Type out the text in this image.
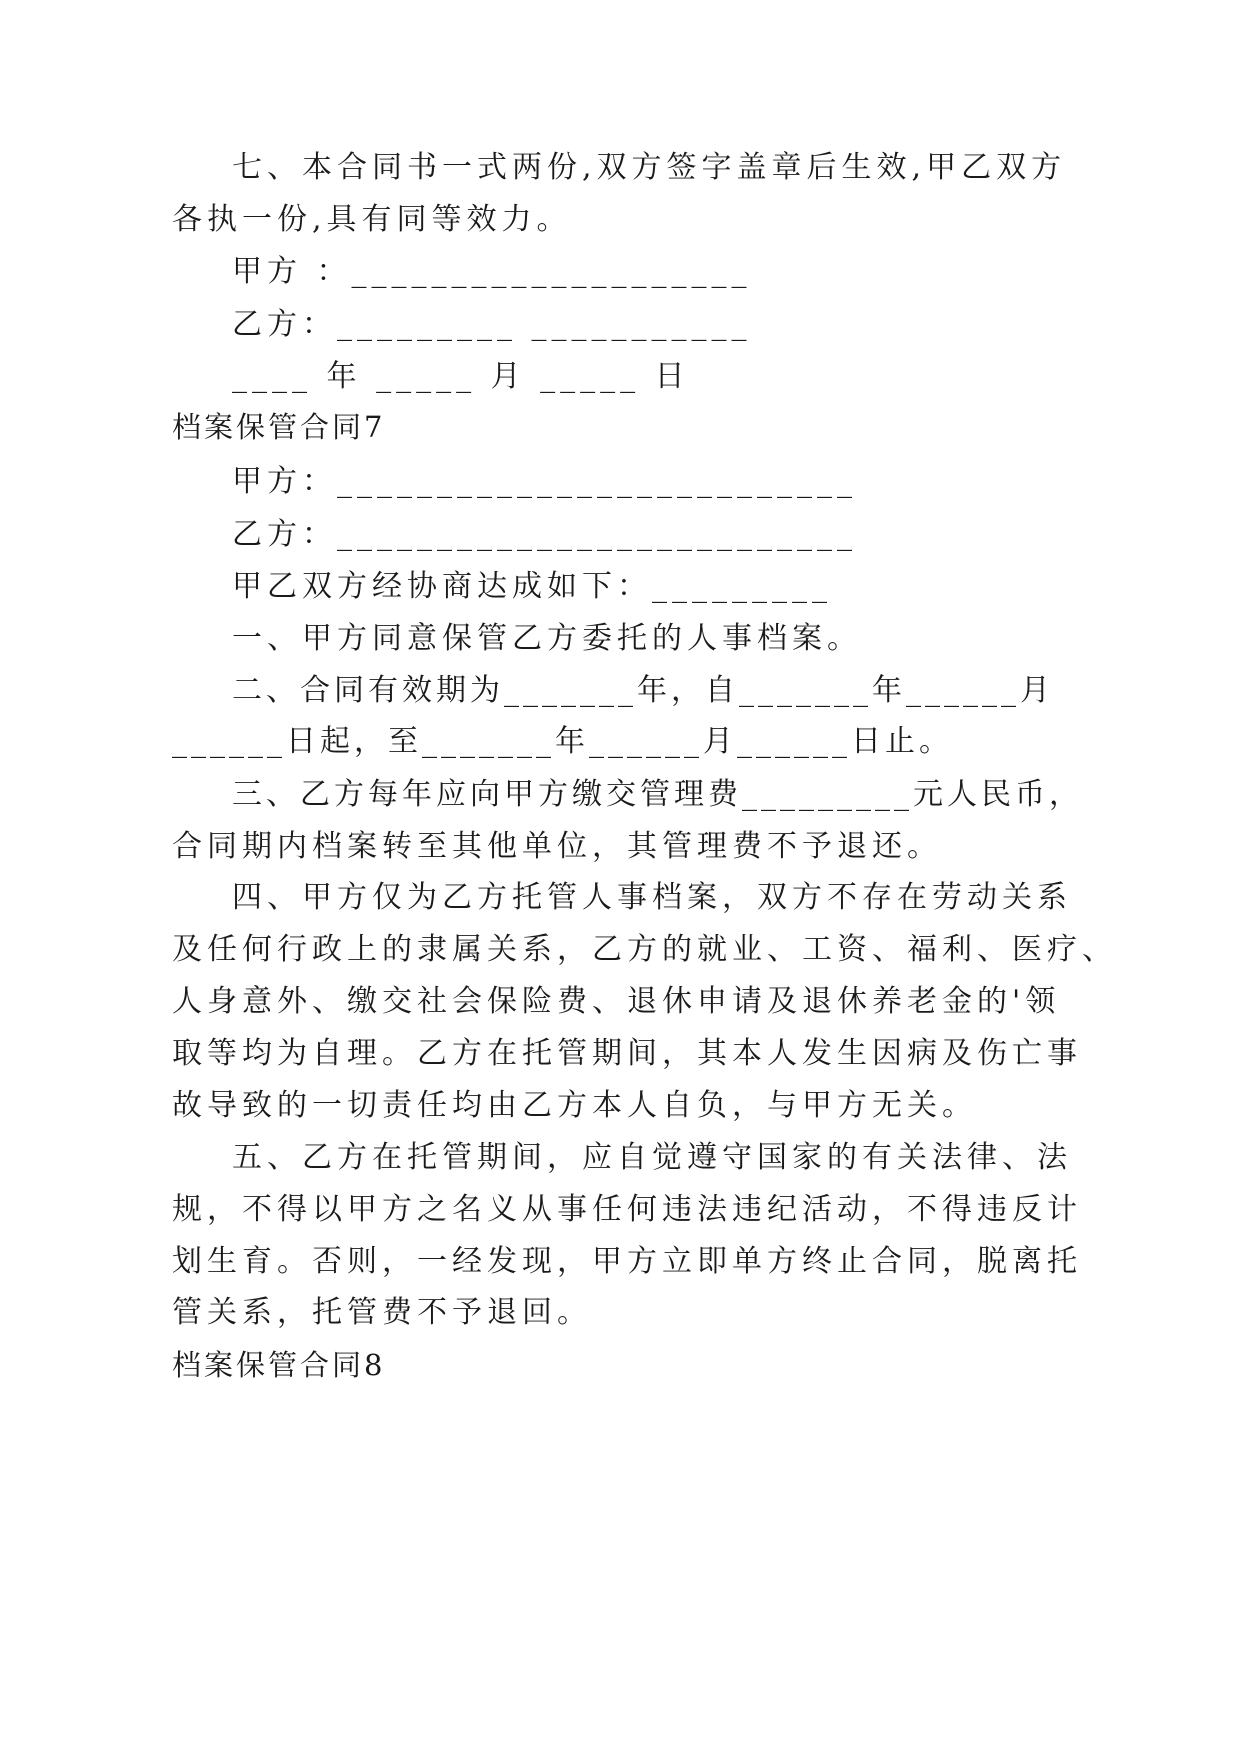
七、本合同书一式两份,双方签字盖章后生效,甲乙双方
各执一份,具有同等效力。
甲方 ：____________________
乙方：_________ ___________
____ 年 _____ 月 _____ 日
档案保管合同7
甲方：__________________________
乙方：__________________________
甲乙双方经协商达成如下：_________
一、甲方同意保管乙方委托的人事档案。
二、合同有效期为_______年，自_______年______月
______日起，至_______年______月______日止。
三、乙方每年应向甲方缴交管理费_________元人民币，
合同期内档案转至其他单位，其管理费不予退还。
四、甲方仅为乙方托管人事档案，双方不存在劳动关系
及任何行政上的隶属关系，乙方的就业、工资、福利、医疗、
人身意外、缴交社会保险费、退休申请及退休养老金的'领
取等均为自理。乙方在托管期间，其本人发生因病及伤亡事
故导致的一切责任均由乙方本人自负，与甲方无关。
五、乙方在托管期间，应自觉遵守国家的有关法律、法
规，不得以甲方之名义从事任何违法违纪活动，不得违反计
划生育。否则，一经发现，甲方立即单方终止合同，脱离托
管关系，托管费不予退回。
档案保管合同8
